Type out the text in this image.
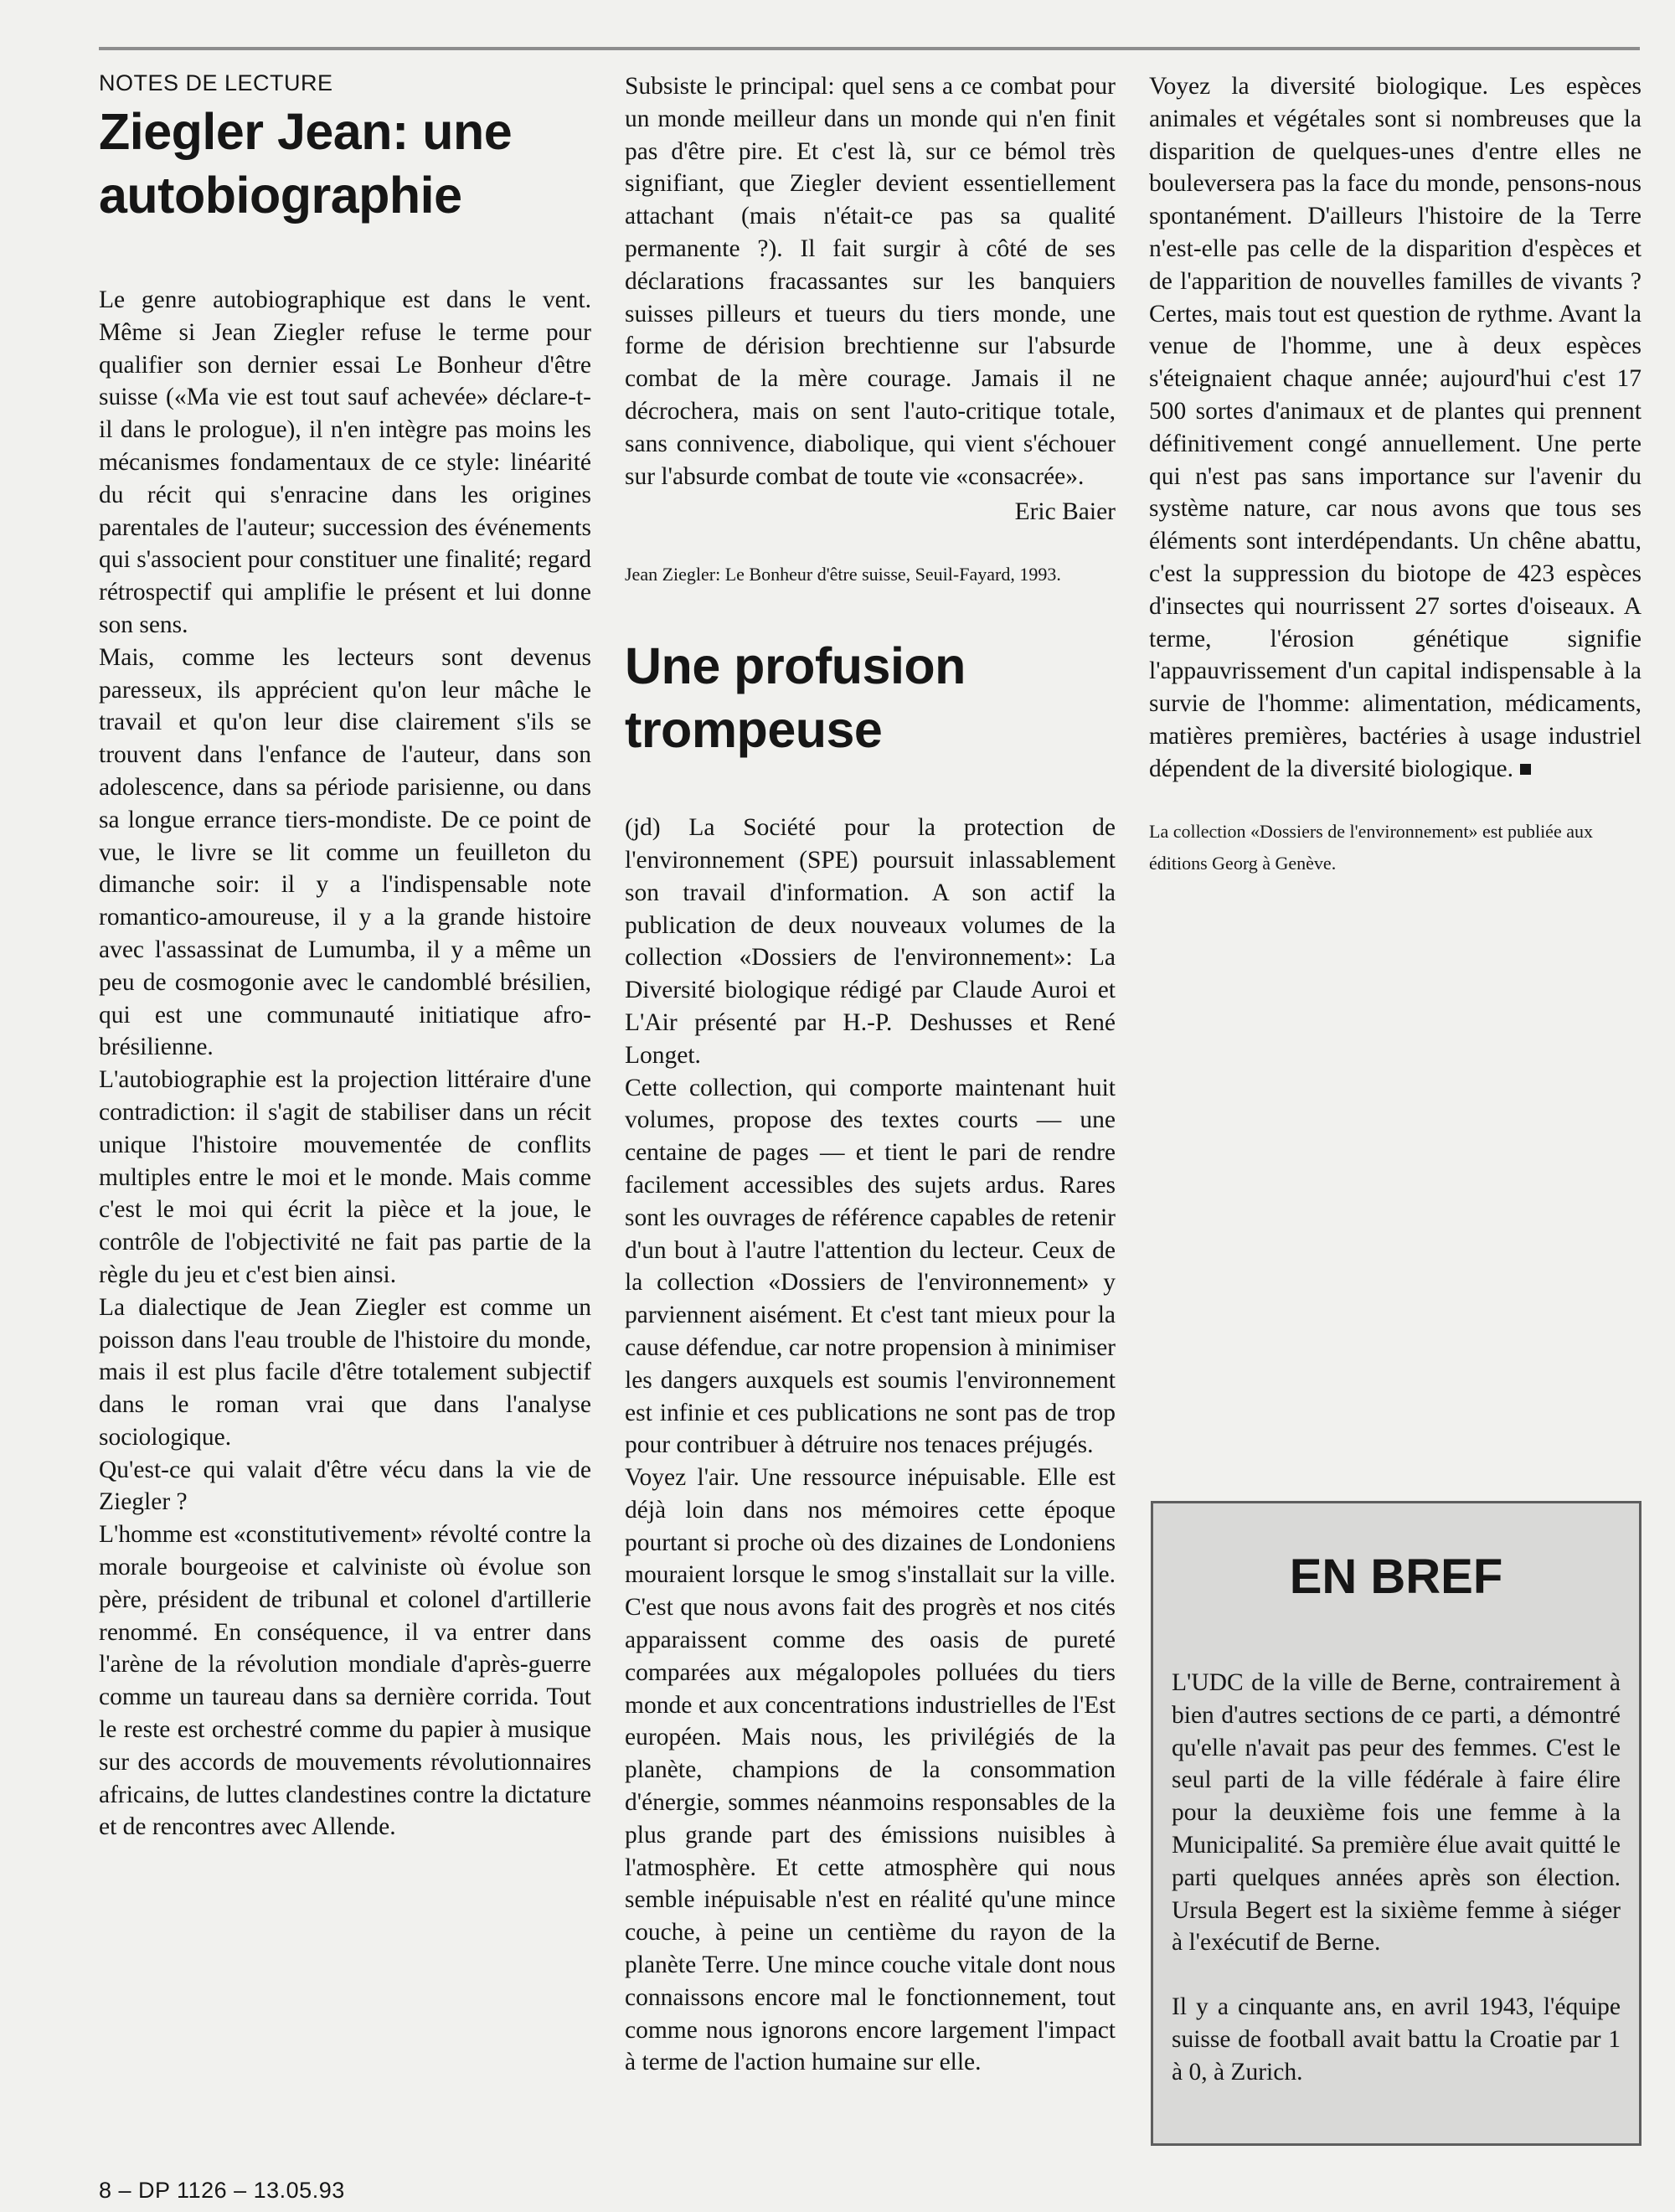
NOTES DE LECTURE
Ziegler Jean: une autobiographie

Le genre autobiographique est dans le vent. Même si Jean Ziegler refuse le terme pour qualifier son dernier essai Le Bonheur d'être suisse («Ma vie est tout sauf achevée» déclare-t-il dans le prologue), il n'en intègre pas moins les mécanismes fondamentaux de ce style: linéarité du récit qui s'enracine dans les origines parentales de l'auteur; succession des événements qui s'associent pour constituer une finalité; regard rétrospectif qui amplifie le présent et lui donne son sens.

Mais, comme les lecteurs sont devenus paresseux, ils apprécient qu'on leur mâche le travail et qu'on leur dise clairement s'ils se trouvent dans l'enfance de l'auteur, dans son adolescence, dans sa période parisienne, ou dans sa longue errance tiers-mondiste. De ce point de vue, le livre se lit comme un feuilleton du dimanche soir: il y a l'indispensable note romantico-amoureuse, il y a la grande histoire avec l'assassinat de Lumumba, il y a même un peu de cosmogonie avec le candomblé brésilien, qui est une communauté initiatique afro-brésilienne.

L'autobiographie est la projection littéraire d'une contradiction: il s'agit de stabiliser dans un récit unique l'histoire mouvementée de conflits multiples entre le moi et le monde. Mais comme c'est le moi qui écrit la pièce et la joue, le contrôle de l'objectivité ne fait pas partie de la règle du jeu et c'est bien ainsi.

La dialectique de Jean Ziegler est comme un poisson dans l'eau trouble de l'histoire du monde, mais il est plus facile d'être totalement subjectif dans le roman vrai que dans l'analyse sociologique.

Qu'est-ce qui valait d'être vécu dans la vie de Ziegler ?

L'homme est «constitutivement» révolté contre la morale bourgeoise et calviniste où évolue son père, président de tribunal et colonel d'artillerie renommé. En conséquence, il va entrer dans l'arène de la révolution mondiale d'après-guerre comme un taureau dans sa dernière corrida. Tout le reste est orchestré comme du papier à musique sur des accords de mouvements révolutionnaires africains, de luttes clandestines contre la dictature et de rencontres avec Allende.

Subsiste le principal: quel sens a ce combat pour un monde meilleur dans un monde qui n'en finit pas d'être pire. Et c'est là, sur ce bémol très signifiant, que Ziegler devient essentiellement attachant (mais n'était-ce pas sa qualité permanente ?). Il fait surgir à côté de ses déclarations fracassantes sur les banquiers suisses pilleurs et tueurs du tiers monde, une forme de dérision brechtienne sur l'absurde combat de la mère courage. Jamais il ne décrochera, mais on sent l'auto-critique totale, sans connivence, diabolique, qui vient s'échouer sur l'absurde combat de toute vie «consacrée».

Eric Baier

Jean Ziegler: Le Bonheur d'être suisse, Seuil-Fayard, 1993.
Une profusion trompeuse

(jd) La Société pour la protection de l'environnement (SPE) poursuit inlassablement son travail d'information. A son actif la publication de deux nouveaux volumes de la collection «Dossiers de l'environnement»: La Diversité biologique rédigé par Claude Auroi et L'Air présenté par H.-P. Deshusses et René Longet.

Cette collection, qui comporte maintenant huit volumes, propose des textes courts — une centaine de pages — et tient le pari de rendre facilement accessibles des sujets ardus. Rares sont les ouvrages de référence capables de retenir d'un bout à l'autre l'attention du lecteur. Ceux de la collection «Dossiers de l'environnement» y parviennent aisément. Et c'est tant mieux pour la cause défendue, car notre propension à minimiser les dangers auxquels est soumis l'environnement est infinie et ces publications ne sont pas de trop pour contribuer à détruire nos tenaces préjugés.

Voyez l'air. Une ressource inépuisable. Elle est déjà loin dans nos mémoires cette époque pourtant si proche où des dizaines de Londoniens mouraient lorsque le smog s'installait sur la ville. C'est que nous avons fait des progrès et nos cités apparaissent comme des oasis de pureté comparées aux mégalopoles polluées du tiers monde et aux concentrations industrielles de l'Est européen. Mais nous, les privilégiés de la planète, champions de la consommation d'énergie, sommes néanmoins responsables de la plus grande part des émissions nuisibles à l'atmosphère. Et cette atmosphère qui nous semble inépuisable n'est en réalité qu'une mince couche, à peine un centième du rayon de la planète Terre. Une mince couche vitale dont nous connaissons encore mal le fonctionnement, tout comme nous ignorons encore largement l'impact à terme de l'action humaine sur elle.

Voyez la diversité biologique. Les espèces animales et végétales sont si nombreuses que la disparition de quelques-unes d'entre elles ne bouleversera pas la face du monde, pensons-nous spontanément. D'ailleurs l'histoire de la Terre n'est-elle pas celle de la disparition d'espèces et de l'apparition de nouvelles familles de vivants ? Certes, mais tout est question de rythme. Avant la venue de l'homme, une à deux espèces s'éteignaient chaque année; aujourd'hui c'est 17 500 sortes d'animaux et de plantes qui prennent définitivement congé annuellement. Une perte qui n'est pas sans importance sur l'avenir du système nature, car nous avons que tous ses éléments sont interdépendants. Un chêne abattu, c'est la suppression du biotope de 423 espèces d'insectes qui nourrissent 27 sortes d'oiseaux. A terme, l'érosion génétique signifie l'appauvrissement d'un capital indispensable à la survie de l'homme: alimentation, médicaments, matières premières, bactéries à usage industriel dépendent de la diversité biologique.

La collection «Dossiers de l'environnement» est publiée aux éditions Georg à Genève.
EN BREF

L'UDC de la ville de Berne, contrairement à bien d'autres sections de ce parti, a démontré qu'elle n'avait pas peur des femmes. C'est le seul parti de la ville fédérale à faire élire pour la deuxième fois une femme à la Municipalité. Sa première élue avait quitté le parti quelques années après son élection. Ursula Begert est la sixième femme à siéger à l'exécutif de Berne.

Il y a cinquante ans, en avril 1943, l'équipe suisse de football avait battu la Croatie par 1 à 0, à Zurich.

8 – DP 1126 – 13.05.93
